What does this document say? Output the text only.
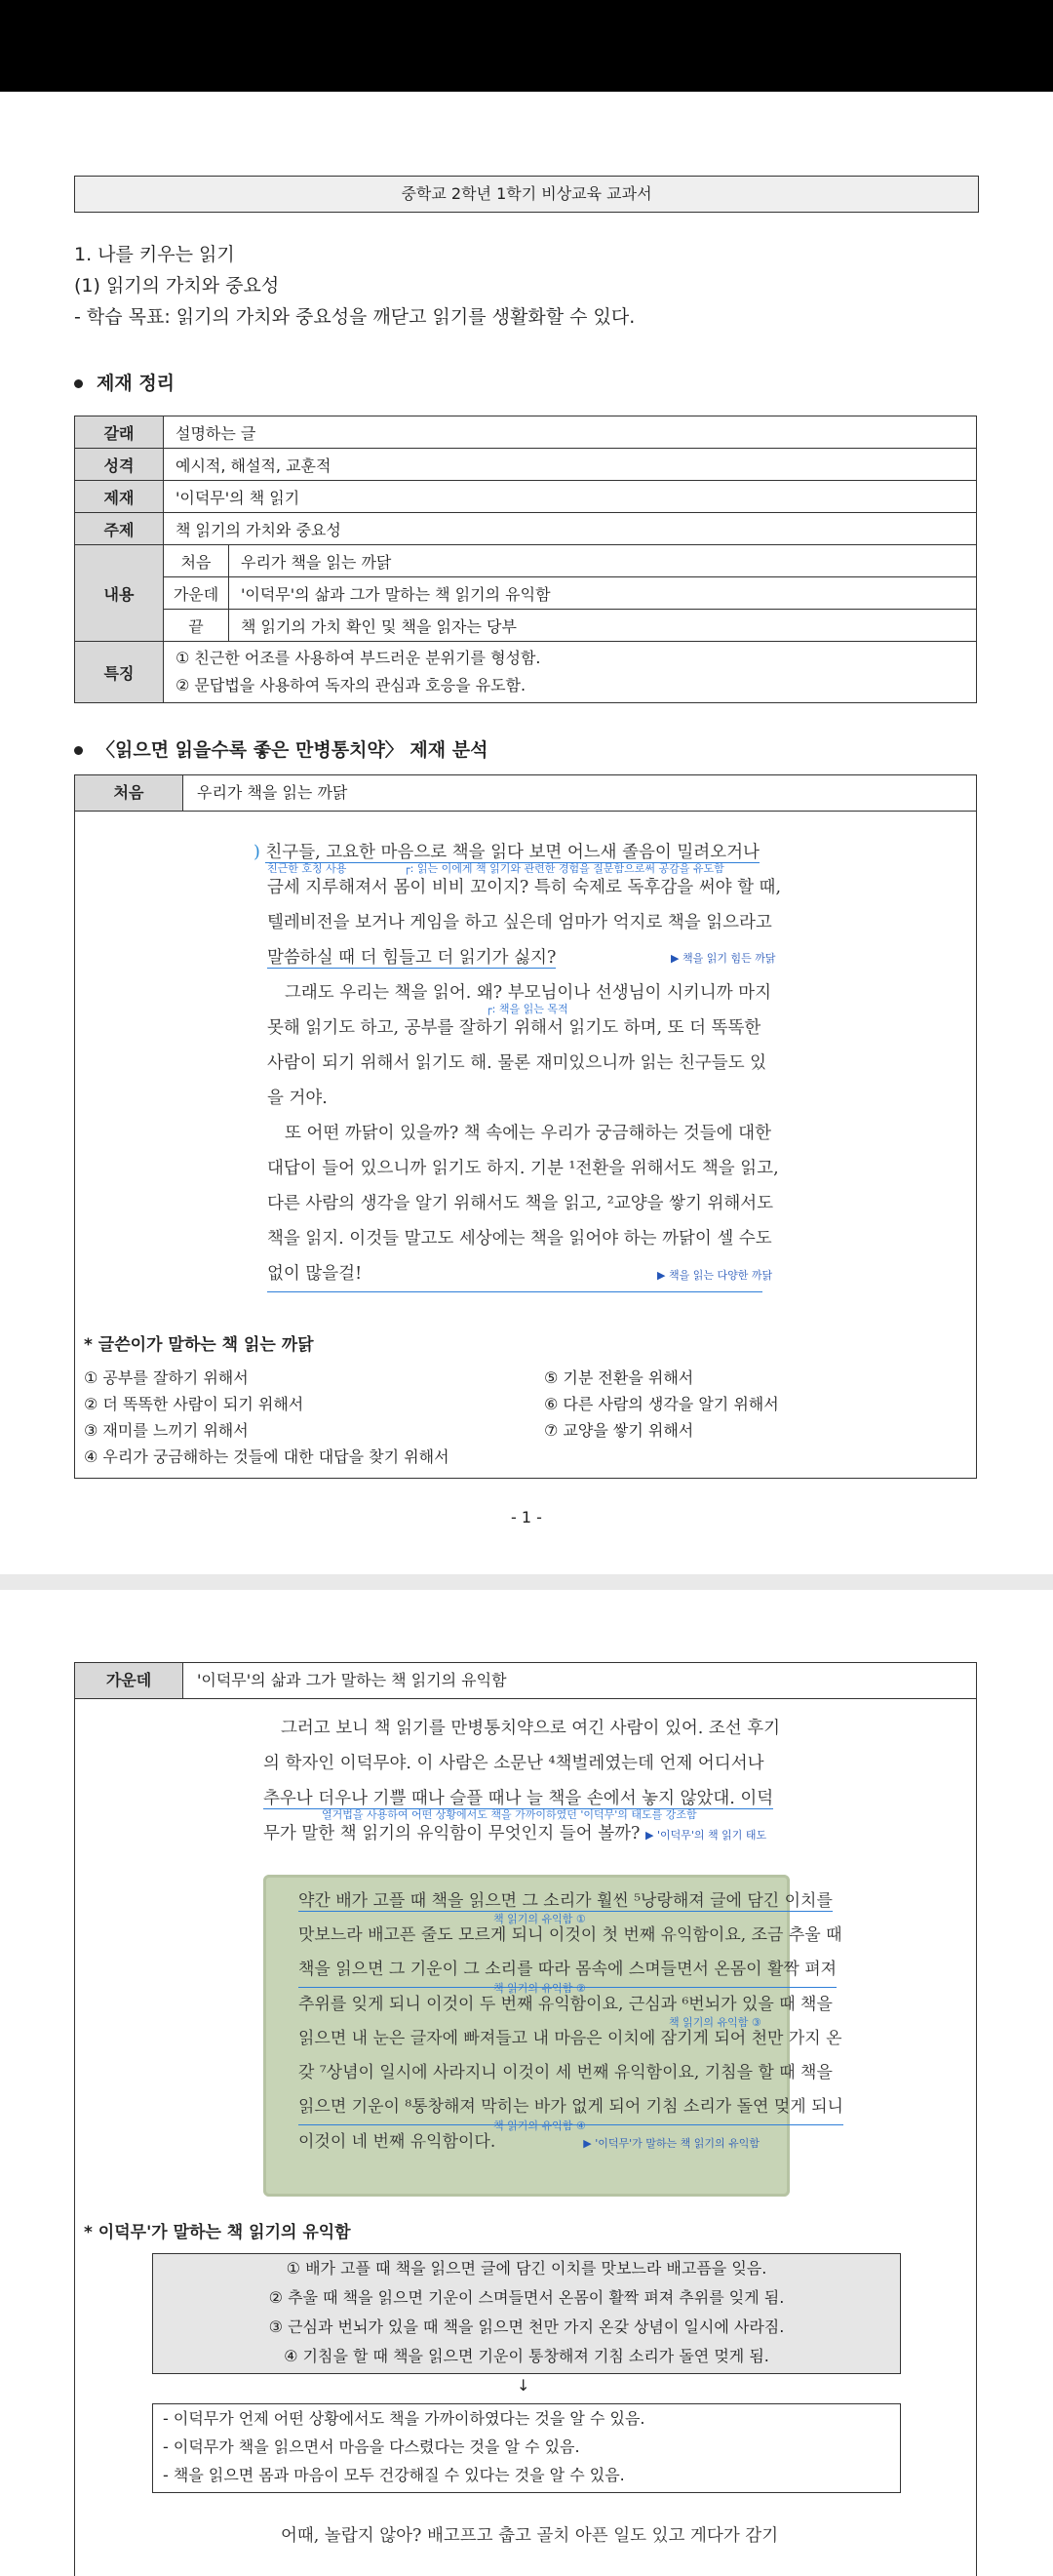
중학교 2학년 1학기 비상교육 교과서
1. 나를 키우는 읽기
(1) 읽기의 가치와 중요성
- 학습 목표: 읽기의 가치와 중요성을 깨닫고 읽기를 생활화할 수 있다.
제재 정리
갈래	설명하는 글	
성격	예시적, 해설적, 교훈적	
제재	'이덕무'의 책 읽기	
주제	책 읽기의 가치와 중요성	
내용	처음	우리가 책을 읽는 까닭
	가운데	'이덕무'의 삶과 그가 말하는 책 읽기의 유익함
	끝	책 읽기의 가치 확인 및 책을 읽자는 당부
특징	① 친근한 어조를 사용하여 부드러운 분위기를 형성함.
② 문답법을 사용하여 독자의 관심과 호응을 유도함.	
〈읽으면 읽을수록 좋은 만병통치약〉 제재 분석
처음	우리가 책을 읽는 까닭

) 친구들, 고요한 마음으로 책을 읽다 보면 어느새 졸음이 밀려오거나

친근한 호칭 사용	┌: 읽는 이에게 책 읽기와 관련한 경험을 질문함으로써 공감을 유도함

금세 지루해져서 몸이 비비 꼬이지? 특히 숙제로 독후감을 써야 할 때,

텔레비전을 보거나 게임을 하고 싶은데 엄마가 억지로 책을 읽으라고

말씀하실 때 더 힘들고 더 읽기가 싫지?	▶ 책을 읽기 힘든 까닭

그래도 우리는 책을 읽어. 왜? 부모님이나 선생님이 시키니까 마지

┌: 책을 읽는 목적

못해 읽기도 하고, 공부를 잘하기 위해서 읽기도 하며, 또 더 똑똑한

사람이 되기 위해서 읽기도 해. 물론 재미있으니까 읽는 친구들도 있

을 거야.

또 어떤 까닭이 있을까? 책 속에는 우리가 궁금해하는 것들에 대한

대답이 들어 있으니까 읽기도 하지. 기분 ¹전환을 위해서도 책을 읽고,

다른 사람의 생각을 알기 위해서도 책을 읽고, ²교양을 쌓기 위해서도

책을 읽지. 이것들 말고도 세상에는 책을 읽어야 하는 까닭이 셀 수도

없이 많을걸!	▶ 책을 읽는 다양한 까닭
* 글쓴이가 말하는 책 읽는 까닭
① 공부를 잘하기 위해서
② 더 똑똑한 사람이 되기 위해서
③ 재미를 느끼기 위해서
④ 우리가 궁금해하는 것들에 대한 대답을 찾기 위해서
⑤ 기분 전환을 위해서
⑥ 다른 사람의 생각을 알기 위해서
⑦ 교양을 쌓기 위해서
- 1 -
가운데	'이덕무'의 삶과 그가 말하는 책 읽기의 유익함

그러고 보니 책 읽기를 만병통치약으로 여긴 사람이 있어. 조선 후기

의 학자인 이덕무야. 이 사람은 소문난 ⁴책벌레였는데 언제 어디서나

추우나 더우나 기쁠 때나 슬플 때나 늘 책을 손에서 놓지 않았대. 이덕

열거법을 사용하여 어떤 상황에서도 책을 가까이하였던 '이덕무'의 태도를 강조함

무가 말한 책 읽기의 유익함이 무엇인지 들어 볼까? ▶ '이덕무'의 책 읽기 태도

약간 배가 고플 때 책을 읽으면 그 소리가 훨씬 ⁵낭랑해져 글에 담긴 이치를

책 읽기의 유익함 ①

맛보느라 배고픈 줄도 모르게 되니 이것이 첫 번째 유익함이요, 조금 추울 때

책을 읽으면 그 기운이 그 소리를 따라 몸속에 스며들면서 온몸이 활짝 펴져

책 읽기의 유익함 ②

추위를 잊게 되니 이것이 두 번째 유익함이요, 근심과 ⁶번뇌가 있을 때 책을

책 읽기의 유익함 ③

읽으면 내 눈은 글자에 빠져들고 내 마음은 이치에 잠기게 되어 천만 가지 온

갖 ⁷상념이 일시에 사라지니 이것이 세 번째 유익함이요, 기침을 할 때 책을

읽으면 기운이 ⁸통창해져 막히는 바가 없게 되어 기침 소리가 돌연 멎게 되니

책 읽기의 유익함 ④

이것이 네 번째 유익함이다.	▶ '이덕무'가 말하는 책 읽기의 유익함

* 이덕무'가 말하는 책 읽기의 유익함

① 배가 고플 때 책을 읽으면 글에 담긴 이치를 맛보느라 배고픔을 잊음.

② 추울 때 책을 읽으면 기운이 스며들면서 온몸이 활짝 펴져 추위를 잊게 됨.

③ 근심과 번뇌가 있을 때 책을 읽으면 천만 가지 온갖 상념이 일시에 사라짐.

④ 기침을 할 때 책을 읽으면 기운이 통창해져 기침 소리가 돌연 멎게 됨.

↓

- 이덕무가 언제 어떤 상황에서도 책을 가까이하였다는 것을 알 수 있음.

- 이덕무가 책을 읽으면서 마음을 다스렸다는 것을 알 수 있음.

- 책을 읽으면 몸과 마음이 모두 건강해질 수 있다는 것을 알 수 있음.

어때, 놀랍지 않아? 배고프고 춥고 골치 아픈 일도 있고 게다가 감기
